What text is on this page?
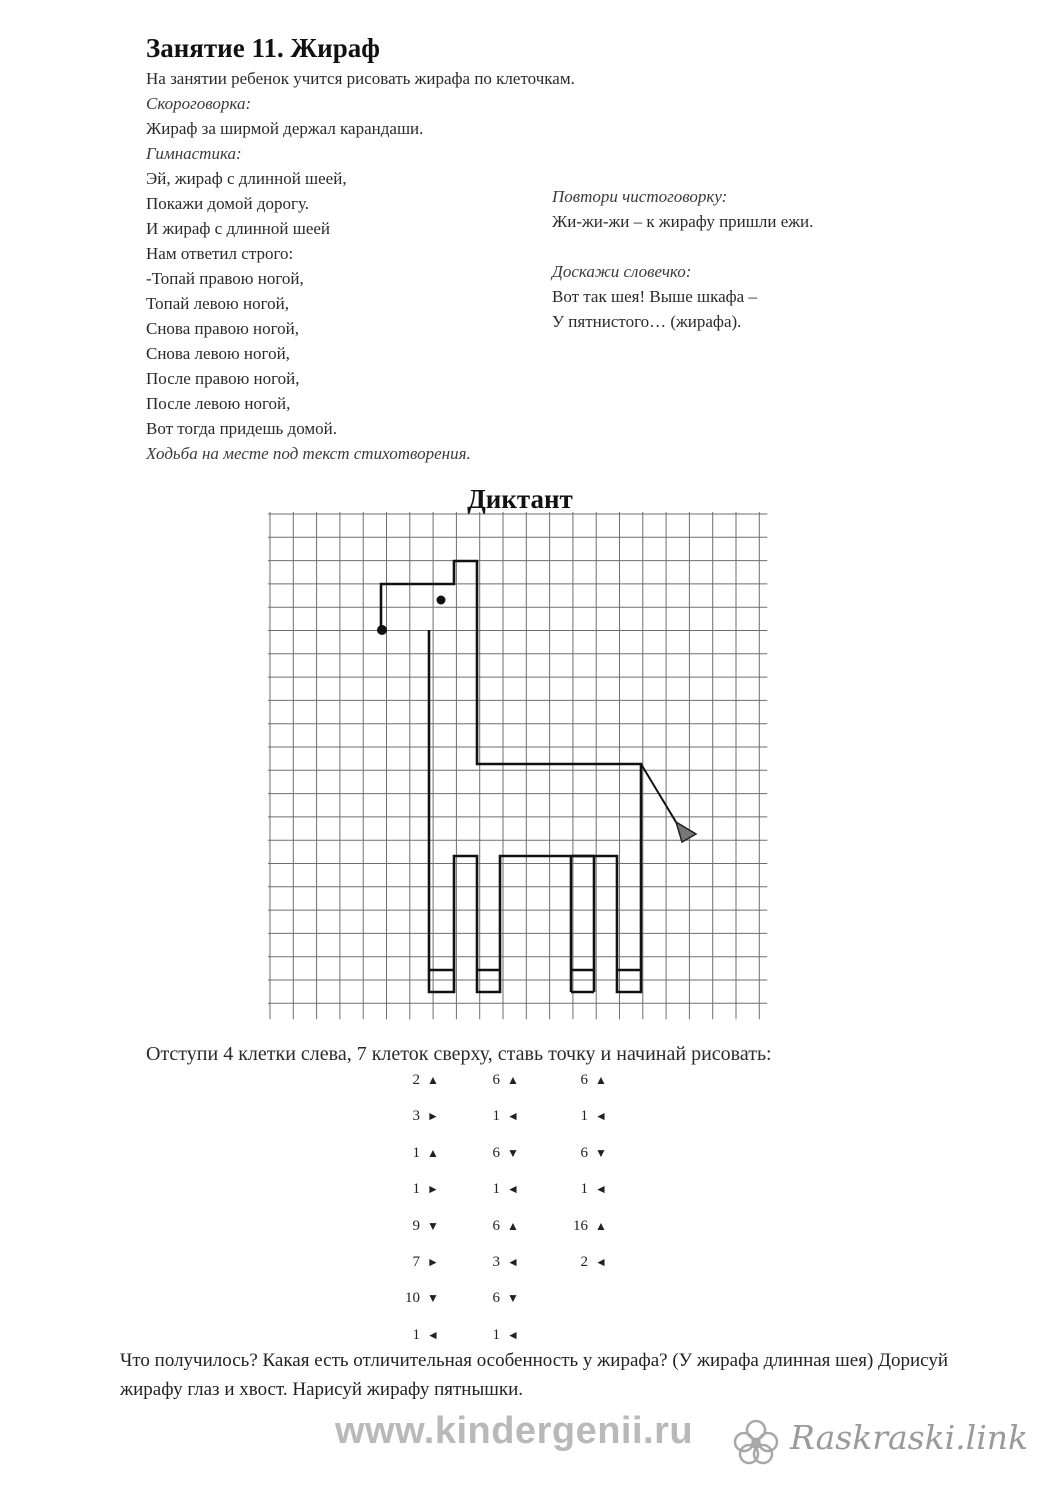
Занятие 11. Жираф
На занятии ребенок учится рисовать жирафа по клеточкам.
Скороговорка:
Жираф за ширмой держал карандаши.
Гимнастика:
Эй, жираф с длинной шеей,
Покажи домой дорогу.
И жираф с длинной шеей
Нам ответил строго:
-Топай правою ногой,
Топай левою ногой,
Снова правою ногой,
Снова левою ногой,
После правою ногой,
После левою ногой,
Вот тогда придешь домой.
Ходьба на месте под текст стихотворения.
Повтори чистоговорку:
Жи-жи-жи – к жирафу пришли ежи.
Доскажи словечко:
Вот так шея! Выше шкафа –
У пятнистого… (жирафа).
Диктант
Отступи 4 клетки слева, 7 клеток сверху, ставь точку и начинай рисовать:
2 ▲
3 ►
1 ▲
1 ►
9 ▼
7 ►
10 ▼
1 ◄
6 ▲
1 ◄
6 ▼
1 ◄
6 ▲
3 ◄
6 ▼
1 ◄
6 ▲
1 ◄
6 ▼
1 ◄
16 ▲
2 ◄
Что получилось? Какая есть отличительная особенность у жирафа? (У жирафа длинная шея) Дорисуй жирафу глаз и хвост. Нарисуй жирафу пятнышки.
www.kindergenii.ru	Raskraski.link
